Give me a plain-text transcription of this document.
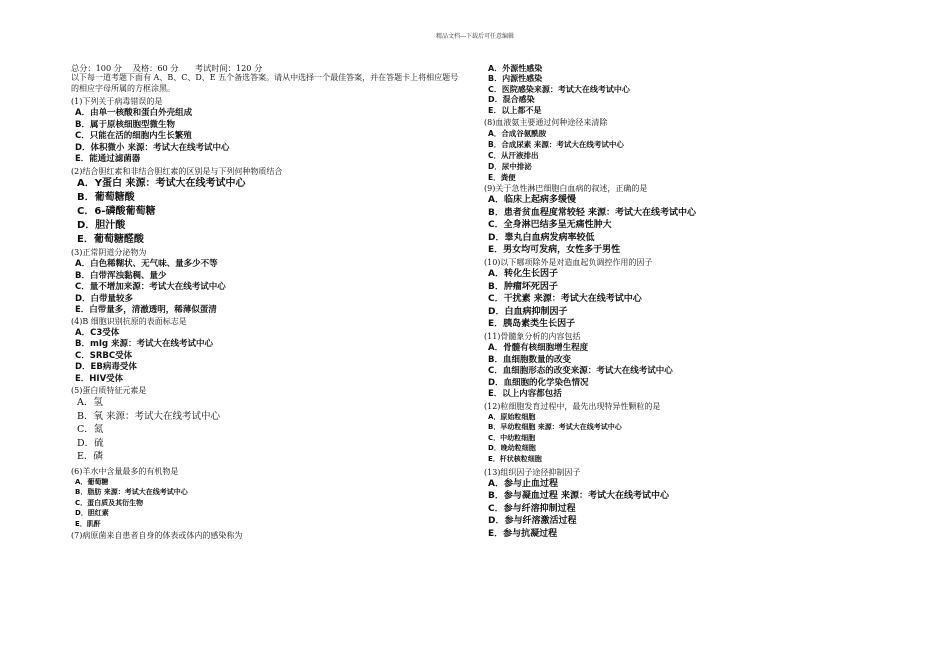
精品文档---下载后可任意编辑
总分：100 分　 及格：60 分　　考试时间：120 分
以下每一道考题下面有 A、B、C、D、E 五个备选答案。请从中选择一个最佳答案，并在答题卡上将相应题号的相应字母所属的方框涂黑。
(1)下列关于病毒错误的是
A．由单一核酸和蛋白外壳组成
B．属于原核细胞型微生物
C．只能在活的细胞内生长繁殖
D．体积微小 来源：考试大在线考试中心
E．能通过滤菌器
(2)结合胆红素和非结合胆红素的区别是与下列何种物质结合
A．Y蛋白 来源：考试大在线考试中心
B．葡萄糖酸
C．6-磷酸葡萄糖
D．胆汁酸
E．葡萄糖醛酸
(3)正常阴道分泌物为
A．白色稀糊状、无气味、量多少不等
B．白带浑浊黏稠、量少
C．量不增加来源：考试大在线考试中心
D．白带量较多
E．白带量多，清澈透明，稀薄似蛋清
(4)B 细胞识别抗原的表面标志是
A．C3受体
B．mIg 来源：考试大在线考试中心
C．SRBC受体
D．EB病毒受体
E．HIV受体
(5)蛋白质特征元素是
A．氢
B．氧 来源：考试大在线考试中心
C．氮
D．硫
E．磷
(6)羊水中含量最多的有机物是
A．葡萄糖
B．脂肪 来源：考试大在线考试中心
C．蛋白质及其衍生物
D．胆红素
E．肌酐
(7)病原菌来自患者自身的体表或体内的感染称为
A．外源性感染
B．内源性感染
C．医院感染来源：考试大在线考试中心
D．混合感染
E．以上都不是
(8)血液氨主要通过何种途径来清除
A．合成谷氨酰胺
B．合成尿素 来源：考试大在线考试中心
C．从汗液排出
D．尿中排泌
E．粪便
(9)关于急性淋巴细胞白血病的叙述，正确的是
A．临床上起病多缓慢
B．患者贫血程度常较轻 来源：考试大在线考试中心
C．全身淋巴结多呈无痛性肿大
D．睾丸白血病发病率较低
E．男女均可发病，女性多于男性
(10)以下哪项除外是对造血起负调控作用的因子
A．转化生长因子
B．肿瘤坏死因子
C．干扰素 来源：考试大在线考试中心
D．白血病抑制因子
E．胰岛素类生长因子
(11)骨髓象分析的内容包括
A．骨髓有核细胞增生程度
B．血细胞数量的改变
C．血细胞形态的改变来源：考试大在线考试中心
D．血细胞的化学染色情况
E．以上内容都包括
(12)粒细胞发育过程中，最先出现特异性颗粒的是
A．原始粒细胞
B．早幼粒细胞 来源：考试大在线考试中心
C．中幼粒细胞
D．晚幼粒细胞
E．杆状核粒细胞
(13)组织因子途径抑制因子
A．参与止血过程
B．参与凝血过程 来源：考试大在线考试中心
C．参与纤溶抑制过程
D．参与纤溶激活过程
E．参与抗凝过程
